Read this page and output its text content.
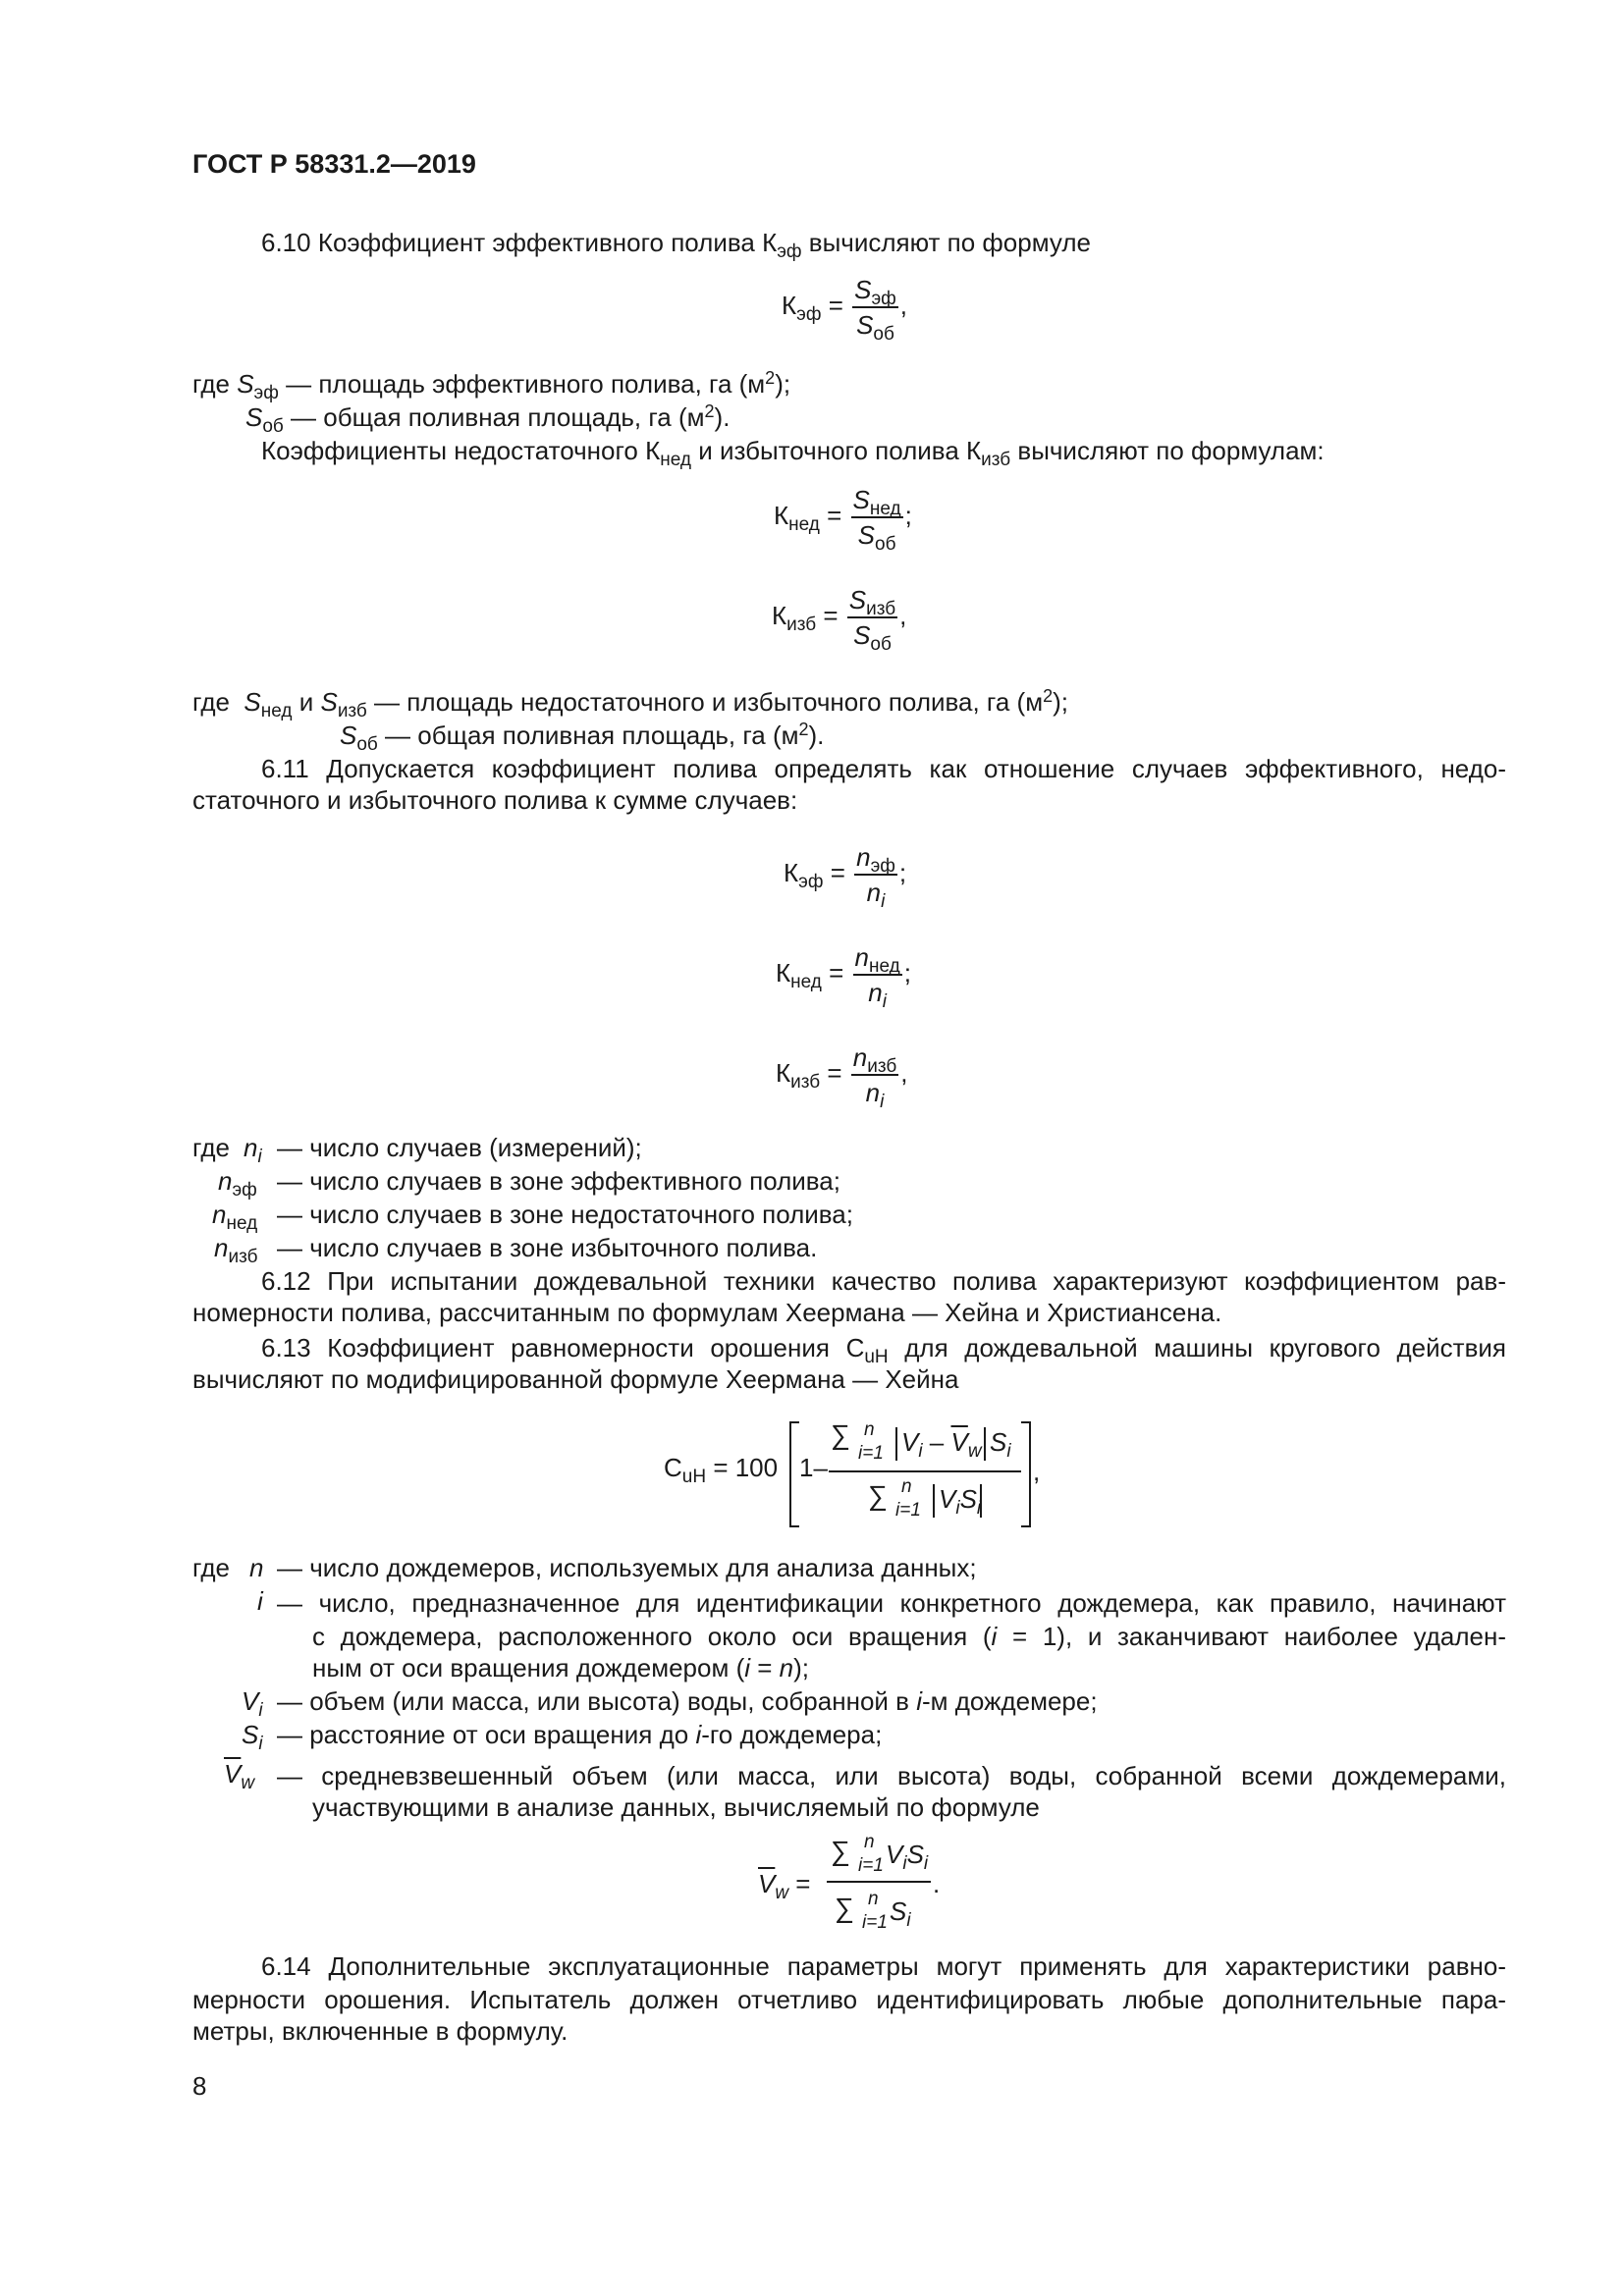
ГОСТ Р 58331.2—2019
6.10 Коэффициент эффективного полива $К_{эф}$ вычисляют по формуле
$К_{эф} = \frac{S_{эф}}{S_{об}}$ ,
где $S_{эф}$ — площадь эффективного полива, га $(м^2)$;
$S_{об}$ — общая поливная площадь, га $(м^2)$.
Коэффициенты недостаточного $К_{нед}$ и избыточного полива $К_{изб}$ вычисляют по формулам:
$К_{нед} = \frac{S_{нед}}{S_{об}}$ ;
$К_{изб} = \frac{S_{изб}}{S_{об}}$ ,
где $S_{нед}$ и $S_{изб}$ — площадь недостаточного и избыточного полива, га $(м^2)$;
$S_{об}$ — общая поливная площадь, га $(м^2)$.
6.11 Допускается коэффициент полива определять как отношение случаев эффективного, недо-
статочного и избыточного полива к сумме случаев:
$К_{эф} = \frac{n_{эф}}{n_i}$ ;
$К_{нед} = \frac{n_{нед}}{n_i}$ ;
$К_{изб} = \frac{n_{изб}}{n_i}$ ,
где $n_i$ — число случаев (измерений);
$n_{эф}$ — число случаев в зоне эффективного полива;
$n_{нед}$ — число случаев в зоне недостаточного полива;
$n_{изб}$ — число случаев в зоне избыточного полива.
6.12 При испытании дождевальной техники качество полива характеризуют коэффициентом рав-
номерности полива, рассчитанным по формулам Хеермана — Хейна и Христиансена.
6.13 Коэффициент равномерности орошения $С_{uH}$ для дождевальной машины кругового действия
вычисляют по модифицированной формуле Хеермана — Хейна
$С_{uH} = 100$ 1–
∑ n
i=1 $V_i - \overline{V}_w$ $S_i$
∑ n
i=1 $V_iS_i$
,
где n — число дождемеров, используемых для анализа данных;
i — число, предназначенное для идентификации конкретного дождемера, как правило, начинают
с дождемера, расположенного около оси вращения (i = 1), и заканчивают наиболее удален-
ным от оси вращения дождемером (i = n);
$V_i$ — объем (или масса, или высота) воды, собранной в i-м дождемере;
$S_i$ — расстояние от оси вращения до i-го дождемера;
$\overline{V}_w$ — средневзвешенный объем (или масса, или высота) воды, собранной всеми дождемерами,
участвующими в анализе данных, вычисляемый по формуле
$\overline{V}_w$ =
∑ n
i=1 $V_iS_i$
∑ n
i=1 $S_i$
.
6.14 Дополнительные эксплуатационные параметры могут применять для характеристики равно-
мерности орошения. Испытатель должен отчетливо идентифицировать любые дополнительные пара-
метры, включенные в формулу.
8
